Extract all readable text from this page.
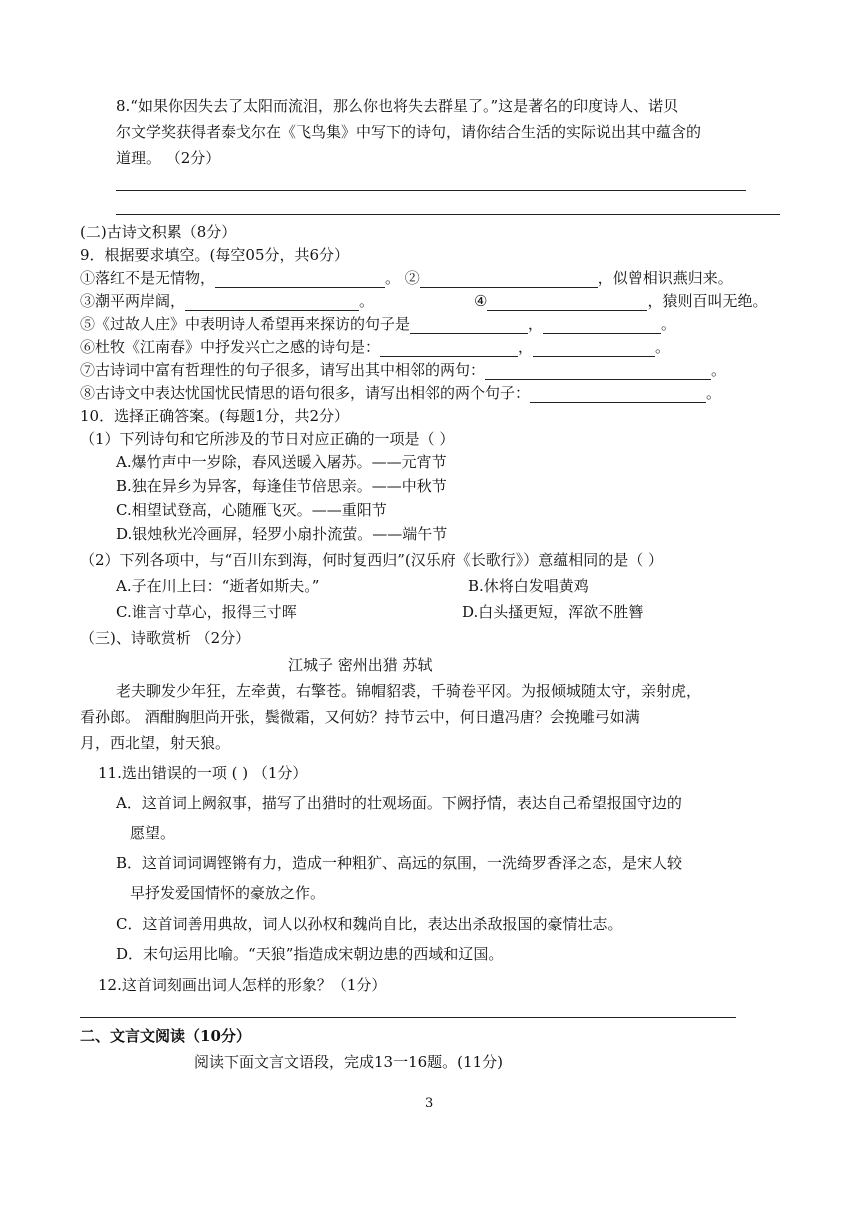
8.“如果你因失去了太阳而流泪，那么你也将失去群星了。”这是著名的印度诗人、诺贝
尔文学奖获得者泰戈尔在《飞鸟集》中写下的诗句，请你结合生活的实际说出其中蕴含的
道理。 （2分）
(二)古诗文积累（8分）
9．根据要求填空。(每空05分，共6分）
①落红不是无情物，	。 ②	，似曾相识燕归来。
③潮平两岸阔，	。	④	，猿则百叫无绝。
⑤《过故人庄》中表明诗人希望再来探访的句子是	，	。
⑥杜牧《江南春》中抒发兴亡之感的诗句是：	，	。
⑦古诗词中富有哲理性的句子很多，请写出其中相邻的两句：	。
⑧古诗文中表达忧国忧民情思的语句很多，请写出相邻的两个句子：	。
10．选择正确答案。(每题1分，共2分）
（1）下列诗句和它所涉及的节日对应正确的一项是（ ）
A.爆竹声中一岁除，春风送暖入屠苏。——元宵节
B.独在异乡为异客，每逢佳节倍思亲。——中秋节
C.相望试登高，心随雁飞灭。——重阳节
D.银烛秋光冷画屏，轻罗小扇扑流萤。——端午节
（2）下列各项中，与“百川东到海，何时复西归”(汉乐府《长歌行》）意蕴相同的是（ ）
A.子在川上曰：“逝者如斯夫。”	B.休将白发唱黄鸡
C.谁言寸草心，报得三寸晖	D.白头搔更短，浑欲不胜簪
（三)、诗歌赏析 （2分）
江城子 密州出猎 苏轼
老夫聊发少年狂，左牵黄，右擎苍。锦帽貂裘，千骑卷平冈。为报倾城随太守，亲射虎，
看孙郎。 酒酣胸胆尚开张，鬓微霜，又何妨？持节云中，何日遣冯唐？会挽雕弓如满
月，西北望，射天狼。
11.选出错误的一项 ( ) （1分）
A．这首词上阙叙事，描写了出猎时的壮观场面。下阙抒情，表达自己希望报国守边的
愿望。
B．这首词词调铿锵有力，造成一种粗犷、高远的氛围，一洗绮罗香泽之态，是宋人较
早抒发爱国情怀的豪放之作。
C．这首词善用典故，词人以孙权和魏尚自比，表达出杀敌报国的豪情壮志。
D．末句运用比喻。“天狼”指造成宋朝边患的西域和辽国。
12.这首词刻画出词人怎样的形象？（1分）
二、文言文阅读（10分）
阅读下面文言文语段，完成13一16题。(11分)
3
